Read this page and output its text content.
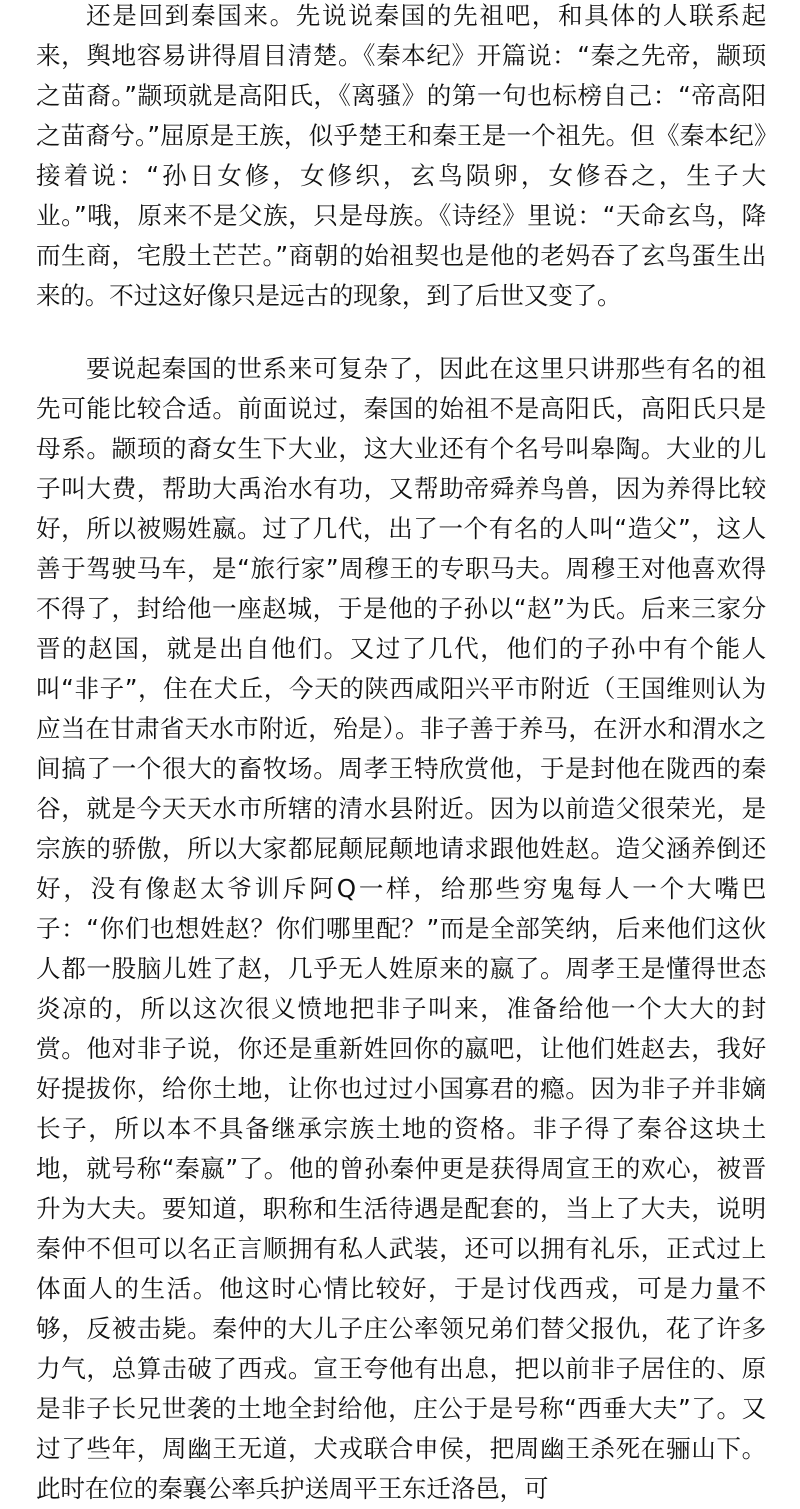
还是回到秦国来。先说说秦国的先祖吧，和具体的人联系起来，舆地容易讲得眉目清楚。《秦本纪》开篇说：“秦之先帝，颛顼之苗裔。”颛顼就是高阳氏，《离骚》的第一句也标榜自己：“帝高阳之苗裔兮。”屈原是王族，似乎楚王和秦王是一个祖先。但《秦本纪》接着说：“孙日女修，女修织，玄鸟陨卵，女修吞之，生子大业。”哦，原来不是父族，只是母族。《诗经》里说：“天命玄鸟，降而生商，宅殷土芒芒。”商朝的始祖契也是他的老妈吞了玄鸟蛋生出来的。不过这好像只是远古的现象，到了后世又变了。

要说起秦国的世系来可复杂了，因此在这里只讲那些有名的祖先可能比较合适。前面说过，秦国的始祖不是高阳氏，高阳氏只是母系。颛顼的裔女生下大业，这大业还有个名号叫皋陶。大业的儿子叫大费，帮助大禹治水有功，又帮助帝舜养鸟兽，因为养得比较好，所以被赐姓嬴。过了几代，出了一个有名的人叫“造父”，这人善于驾驶马车，是“旅行家”周穆王的专职马夫。周穆王对他喜欢得不得了，封给他一座赵城，于是他的子孙以“赵”为氏。后来三家分晋的赵国，就是出自他们。又过了几代，他们的子孙中有个能人叫“非子”，住在犬丘，今天的陕西咸阳兴平市附近（王国维则认为应当在甘肃省天水市附近，殆是）。非子善于养马，在汧水和渭水之间搞了一个很大的畜牧场。周孝王特欣赏他，于是封他在陇西的秦谷，就是今天天水市所辖的清水县附近。因为以前造父很荣光，是宗族的骄傲，所以大家都屁颠屁颠地请求跟他姓赵。造父涵养倒还好，没有像赵太爷训斥阿Q一样，给那些穷鬼每人一个大嘴巴子：“你们也想姓赵？你们哪里配？”而是全部笑纳，后来他们这伙人都一股脑儿姓了赵，几乎无人姓原来的嬴了。周孝王是懂得世态炎凉的，所以这次很义愤地把非子叫来，准备给他一个大大的封赏。他对非子说，你还是重新姓回你的嬴吧，让他们姓赵去，我好好提拔你，给你土地，让你也过过小国寡君的瘾。因为非子并非嫡长子，所以本不具备继承宗族土地的资格。非子得了秦谷这块土地，就号称“秦嬴”了。他的曾孙秦仲更是获得周宣王的欢心，被晋升为大夫。要知道，职称和生活待遇是配套的，当上了大夫，说明秦仲不但可以名正言顺拥有私人武装，还可以拥有礼乐，正式过上体面人的生活。他这时心情比较好，于是讨伐西戎，可是力量不够，反被击毙。秦仲的大儿子庄公率领兄弟们替父报仇，花了许多力气，总算击破了西戎。宣王夸他有出息，把以前非子居住的、原是非子长兄世袭的土地全封给他，庄公于是号称“西垂大夫”了。又过了些年，周幽王无道，犬戎联合申侯，把周幽王杀死在骊山下。此时在位的秦襄公率兵护送周平王东迁洛邑，可
